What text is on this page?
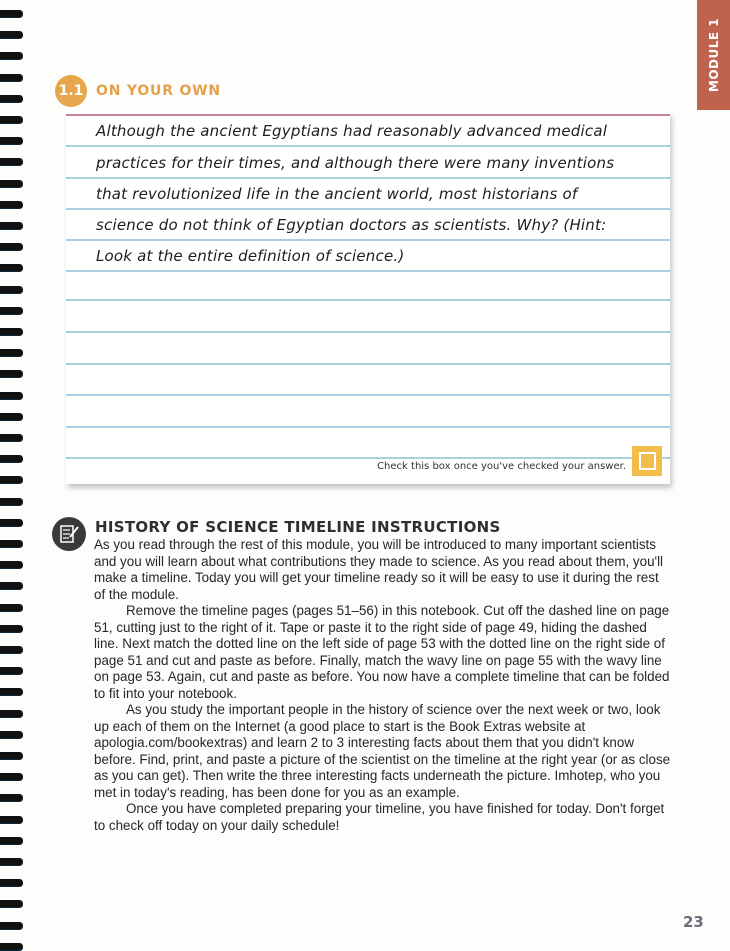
MODULE 1
1.1 ON YOUR OWN
Although the ancient Egyptians had reasonably advanced medical
practices for their times, and although there were many inventions
that revolutionized life in the ancient world, most historians of
science do not think of Egyptian doctors as scientists. Why? (Hint:
Look at the entire definition of science.)
Check this box once you've checked your answer.
HISTORY OF SCIENCE TIMELINE INSTRUCTIONS

As you read through the rest of this module, you will be introduced to many important scientists and you will learn about what contributions they made to science. As you read about them, you'll make a timeline. Today you will get your timeline ready so it will be easy to use it during the rest of the module.

Remove the timeline pages (pages 51–56) in this notebook. Cut off the dashed line on page 51, cutting just to the right of it. Tape or paste it to the right side of page 49, hiding the dashed line. Next match the dotted line on the left side of page 53 with the dotted line on the right side of page 51 and cut and paste as before. Finally, match the wavy line on page 55 with the wavy line on page 53. Again, cut and paste as before. You now have a complete timeline that can be folded to fit into your notebook.

As you study the important people in the history of science over the next week or two, look up each of them on the Internet (a good place to start is the Book Extras website at apologia.com/bookextras) and learn 2 to 3 interesting facts about them that you didn't know before. Find, print, and paste a picture of the scientist on the timeline at the right year (or as close as you can get). Then write the three interesting facts underneath the picture. Imhotep, who you met in today's reading, has been done for you as an example.

Once you have completed preparing your timeline, you have finished for today. Don't forget to check off today on your daily schedule!

23
